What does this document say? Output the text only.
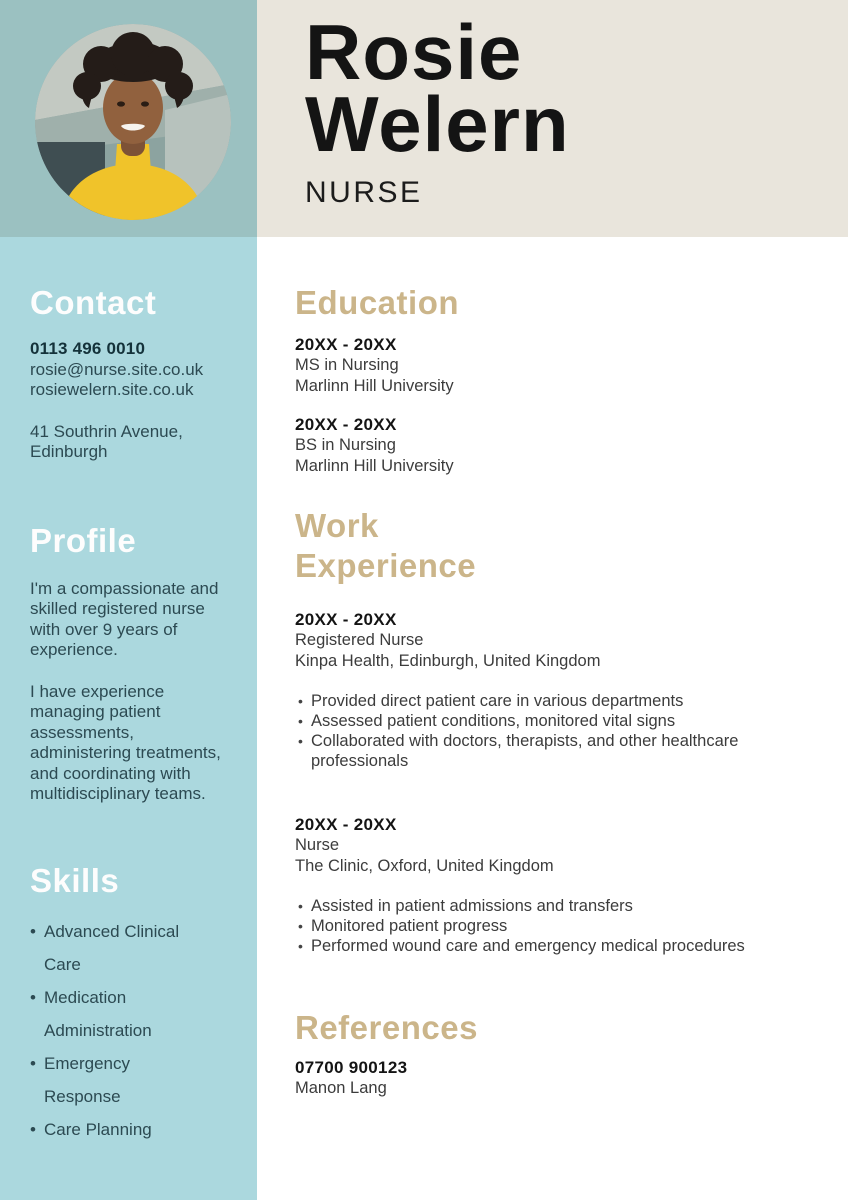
Rosie
Welern
NURSE
Contact
0113 496 0010
rosie@nurse.site.co.uk
rosiewelern.site.co.uk
41 Southrin Avenue,
Edinburgh
Profile
I'm a compassionate and skilled registered nurse with over 9 years of experience.
I have experience managing patient assessments, administering treatments, and coordinating with multidisciplinary teams.
Skills
• Advanced Clinical Care
• Medication Administration
• Emergency Response
• Care Planning
Education
20XX - 20XX
MS in Nursing
Marlinn Hill University
20XX - 20XX
BS in Nursing
Marlinn Hill University
Work
Experience
20XX - 20XX
Registered Nurse
Kinpa Health, Edinburgh, United Kingdom
• Provided direct patient care in various departments
• Assessed patient conditions, monitored vital signs
• Collaborated with doctors, therapists, and other healthcare professionals
20XX - 20XX
Nurse
The Clinic, Oxford, United Kingdom
• Assisted in patient admissions and transfers
• Monitored patient progress
• Performed wound care and emergency medical procedures
References
07700 900123
Manon Lang
